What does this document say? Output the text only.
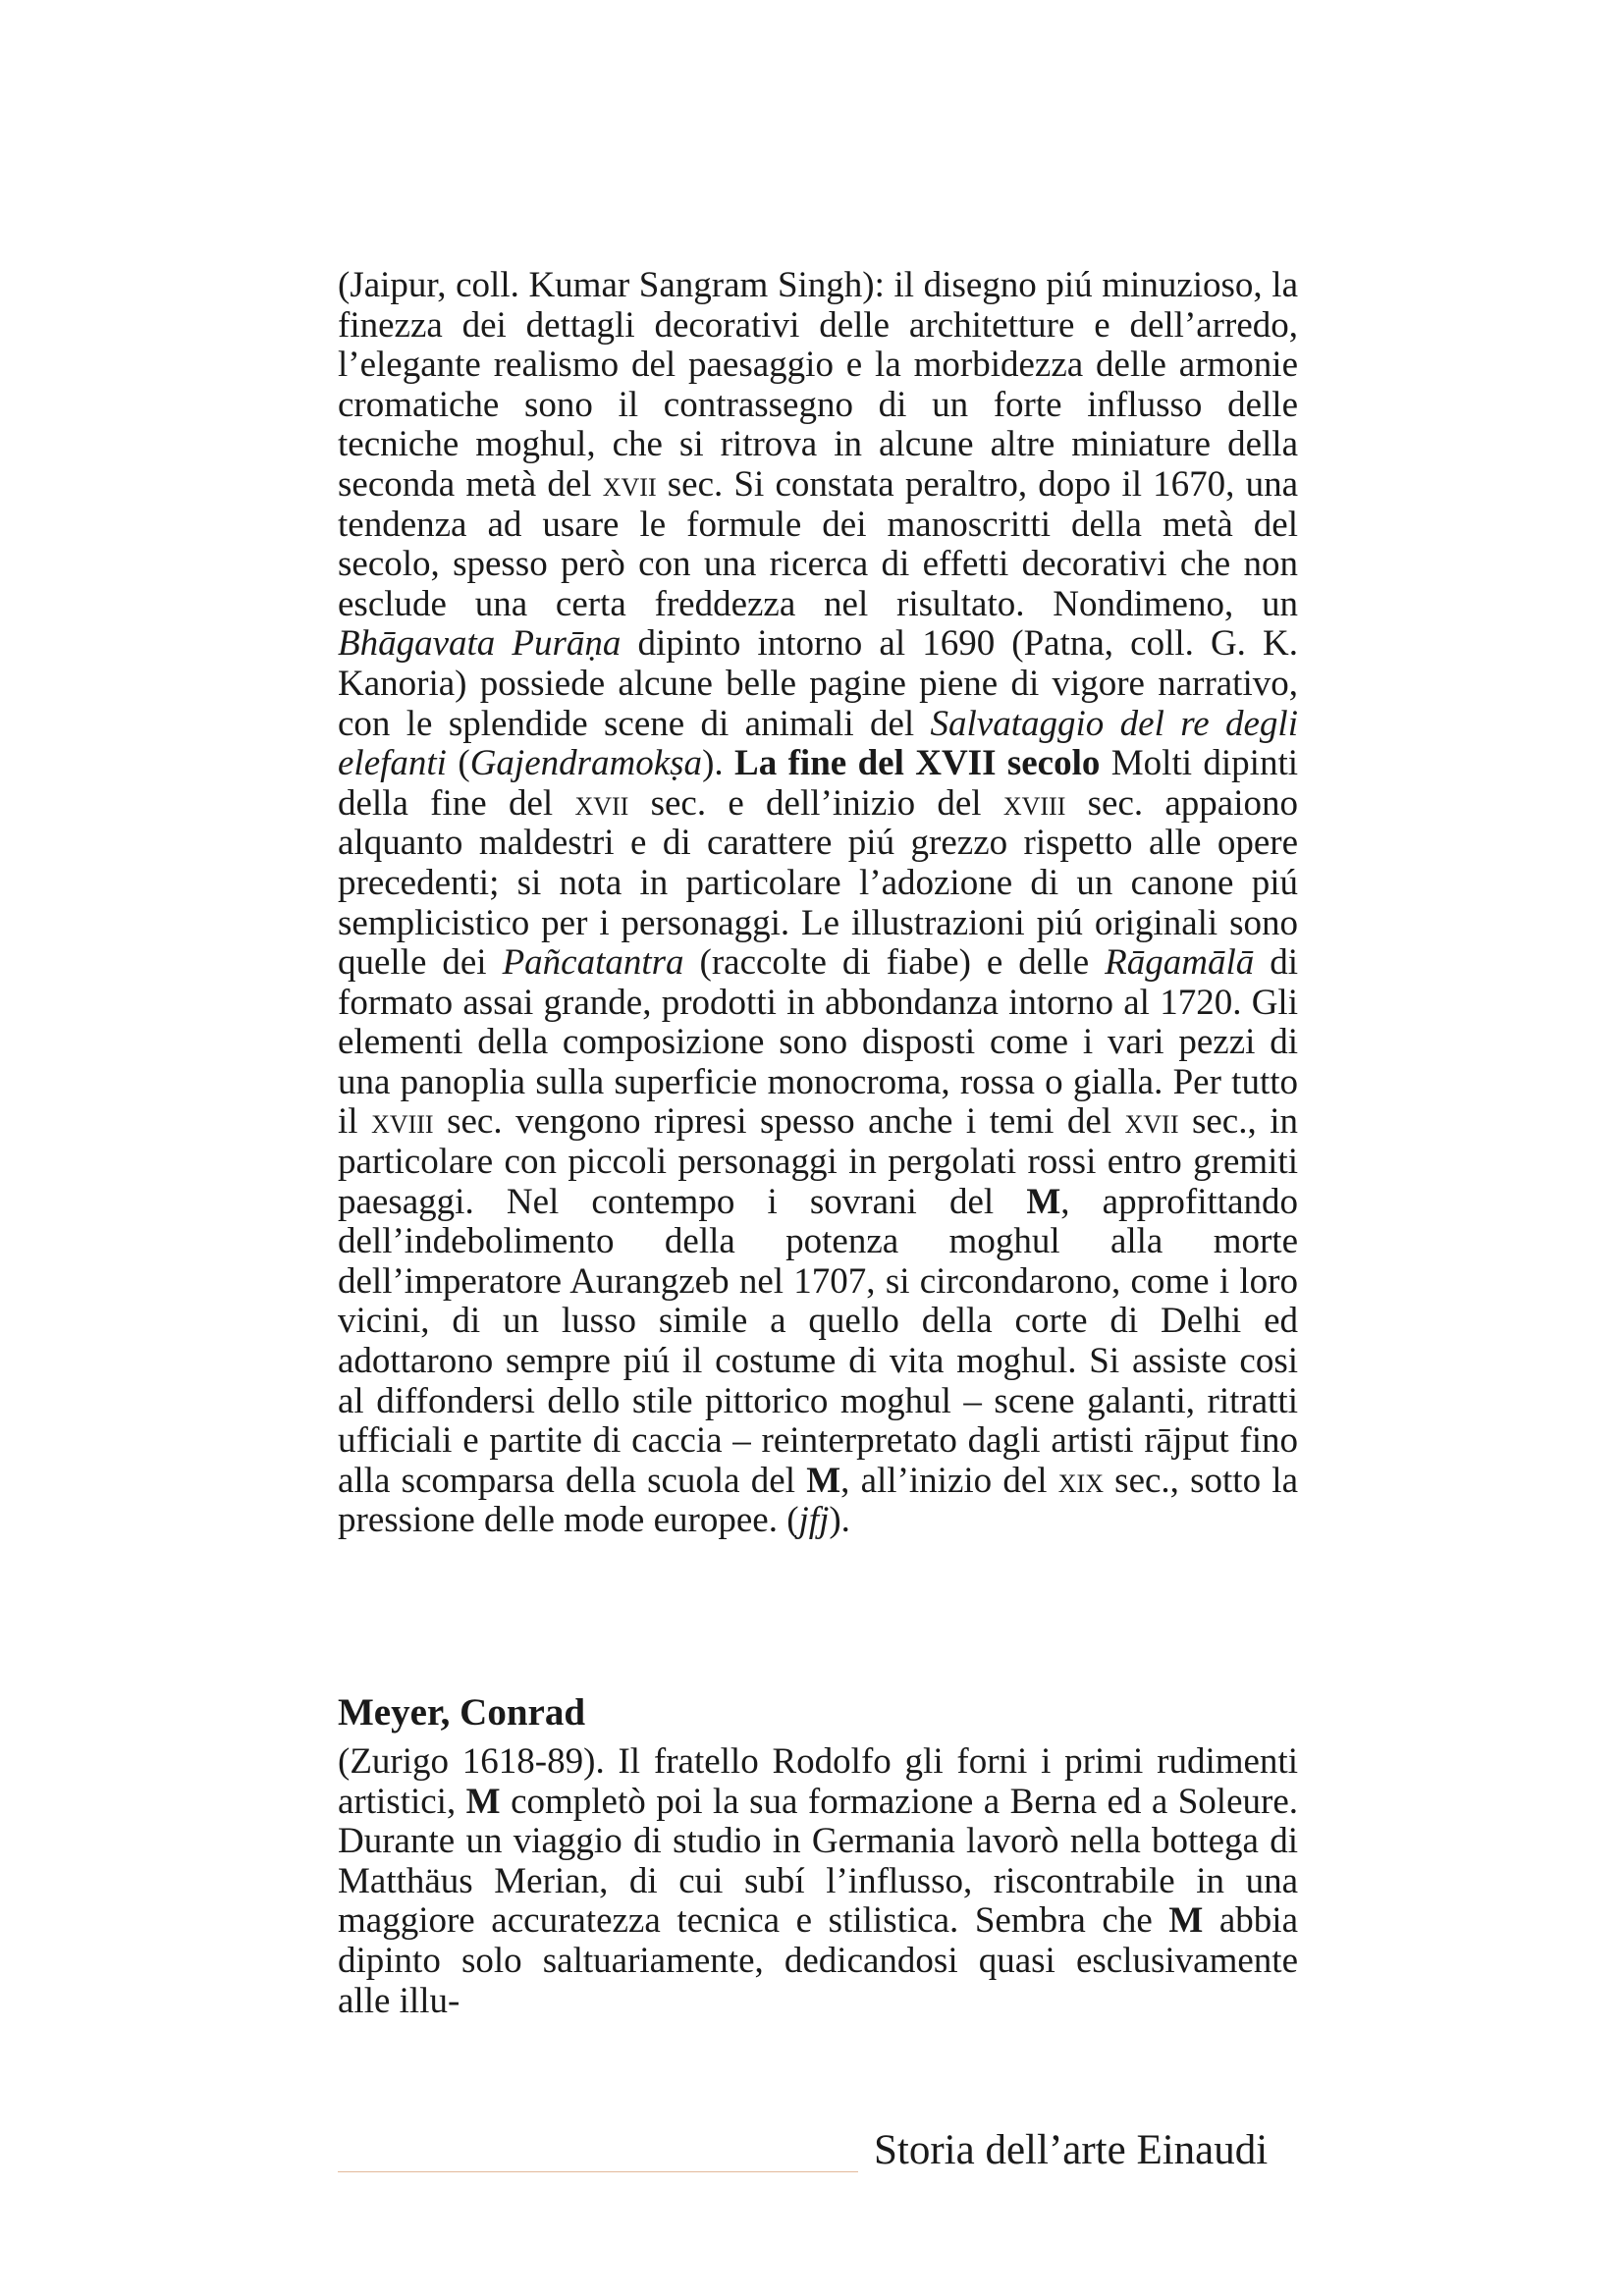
(Jaipur, coll. Kumar Sangram Singh): il disegno piú minuzioso, la finezza dei dettagli decorativi delle architetture e dell’arredo, l’elegante realismo del paesaggio e la morbidezza delle armonie cromatiche sono il contrassegno di un forte influsso delle tecniche moghul, che si ritrova in alcune altre miniature della seconda metà del xvii sec. Si constata peraltro, dopo il 1670, una tendenza ad usare le formule dei manoscritti della metà del secolo, spesso però con una ricerca di effetti decorativi che non esclude una certa freddezza nel risultato. Nondimeno, un Bhāgavata Purāṇa dipinto intorno al 1690 (Patna, coll. G. K. Kanoria) possiede alcune belle pagine piene di vigore narrativo, con le splendide scene di animali del Salvataggio del re degli elefanti (Gajendramokṣa). La fine del XVII secolo Molti dipinti della fine del xvii sec. e dell’inizio del xviii sec. appaiono alquanto maldestri e di carattere piú grezzo rispetto alle opere precedenti; si nota in particolare l’adozione di un canone piú semplicistico per i personaggi. Le illustrazioni piú originali sono quelle dei Pañcatantra (raccolte di fiabe) e delle Rāgamālā di formato assai grande, prodotti in abbondanza intorno al 1720. Gli elementi della composizione sono disposti come i vari pezzi di una panoplia sulla superficie monocroma, rossa o gialla. Per tutto il xviii sec. vengono ripresi spesso anche i temi del xvii sec., in particolare con piccoli personaggi in pergolati rossi entro gremiti paesaggi. Nel contempo i sovrani del M, approfittando dell’indebolimento della potenza moghul alla morte dell’imperatore Aurangzeb nel 1707, si circondarono, come i loro vicini, di un lusso simile a quello della corte di Delhi ed adottarono sempre piú il costume di vita moghul. Si assiste cosi al diffondersi dello stile pittorico moghul – scene galanti, ritratti ufficiali e partite di caccia – reinterpretato dagli artisti rājput fino alla scomparsa della scuola del M, all’inizio del xix sec., sotto la pressione delle mode europee. (jfj).

Meyer, Conrad

(Zurigo 1618-89). Il fratello Rodolfo gli forni i primi rudimenti artistici, M completò poi la sua formazione a Berna ed a Soleure. Durante un viaggio di studio in Germania lavorò nella bottega di Matthäus Merian, di cui subí l’influsso, riscontrabile in una maggiore accuratezza tecnica e stilistica. Sembra che M abbia dipinto solo saltuariamente, dedicandosi quasi esclusivamente alle illu-

Storia dell’arte Einaudi
